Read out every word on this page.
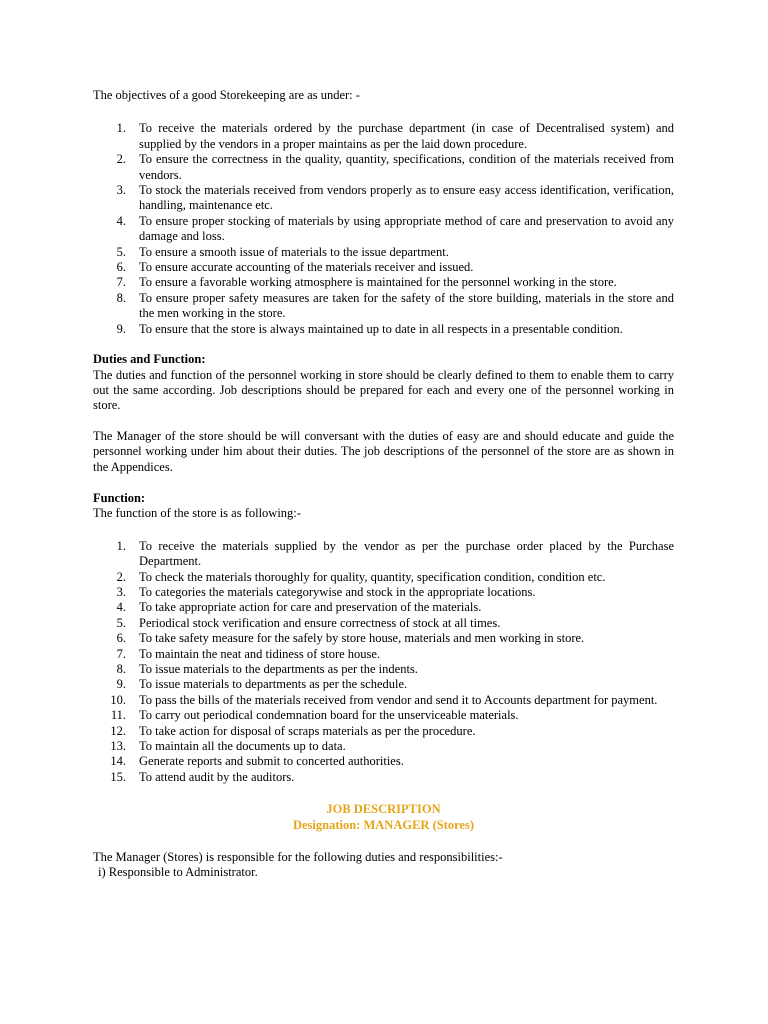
The objectives of a good Storekeeping are as under: -

1. To receive the materials ordered by the purchase department (in case of Decentralised system) and supplied by the vendors in a proper maintains as per the laid down procedure.
2. To ensure the correctness in the quality, quantity, specifications, condition of the materials received from vendors.
3. To stock the materials received from vendors properly as to ensure easy access identification, verification, handling, maintenance etc.
4. To ensure proper stocking of materials by using appropriate method of care and preservation to avoid any damage and loss.
5. To ensure a smooth issue of materials to the issue department.
6. To ensure accurate accounting of the materials receiver and issued.
7. To ensure a favorable working atmosphere is maintained for the personnel working in the store.
8. To ensure proper safety measures are taken for the safety of the store building, materials in the store and the men working in the store.
9. To ensure that the store is always maintained up to date in all respects in a presentable condition.

Duties and Function:

The duties and function of the personnel working in store should be clearly defined to them to enable them to carry out the same according. Job descriptions should be prepared for each and every one of the personnel working in store.

The Manager of the store should be will conversant with the duties of easy are and should educate and guide the personnel working under him about their duties. The job descriptions of the personnel of the store are as shown in the Appendices.

Function:

The function of the store is as following:-

1. To receive the materials supplied by the vendor as per the purchase order placed by the Purchase Department.
2. To check the materials thoroughly for quality, quantity, specification condition, condition etc.
3. To categories the materials categorywise and stock in the appropriate locations.
4. To take appropriate action for care and preservation of the materials.
5. Periodical stock verification and ensure correctness of stock at all times.
6. To take safety measure for the safely by store house, materials and men working in store.
7. To maintain the neat and tidiness of store house.
8. To issue materials to the departments as per the indents.
9. To issue materials to departments as per the schedule.
10. To pass the bills of the materials received from vendor and send it to Accounts department for payment.
11. To carry out periodical condemnation board for the unserviceable materials.
12. To take action for disposal of scraps materials as per the procedure.
13. To maintain all the documents up to data.
14. Generate reports and submit to concerted authorities.
15. To attend audit by the auditors.

JOB DESCRIPTION

Designation: MANAGER (Stores)

The Manager (Stores) is responsible for the following duties and responsibilities:-

i) Responsible to Administrator.
